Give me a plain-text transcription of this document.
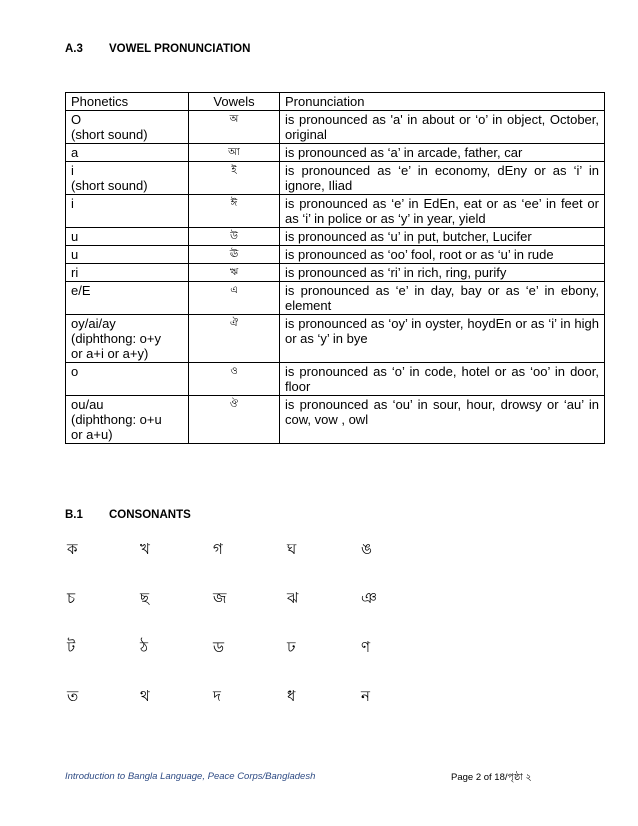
A.3 VOWEL PRONUNCIATION
Phonetics	Vowels	Pronunciation

O
(short sound)	অ	is pronounced as 'a' in about or ‘o’ in object, October, original

a	আ	is pronounced as ‘a’ in arcade, father, car

i
(short sound)	ই	is pronounced as ‘e’ in economy, dEny or as ‘i’ in ignore, Iliad

i	ঈ	is pronounced as ‘e’ in EdEn, eat or as ‘ee’ in feet or as ‘i’ in police or as ‘y’ in year, yield

u	উ	is pronounced as ‘u’ in put, butcher, Lucifer

u	ঊ	is pronounced as ‘oo’ fool, root or as ‘u’ in rude

ri	ঋ	is pronounced as ‘ri’ in rich, ring, purify

e/E	এ	is pronounced as ‘e’ in day, bay or as ‘e’ in ebony, element

oy/ai/ay
(diphthong: o+y
or a+i or a+y)	ঐ	is pronounced as ‘oy’ in oyster, hoydEn or as ‘i’ in high or as ‘y’ in bye

o	ও	is pronounced as ‘o’ in code, hotel or as ‘oo’ in door, floor

ou/au
(diphthong: o+u
or a+u)	ঔ	is pronounced as ‘ou’ in sour, hour, drowsy or ‘au’ in cow, vow , owl
B.1 CONSONANTS
ক	খ	গ	ঘ	ঙ
চ	ছ	জ	ঝ	ঞ
ট	ঠ	ড	ঢ	ণ
ত	থ	দ	ধ	ন
Introduction to Bangla Language, Peace Corps/Bangladesh	Page 2 of 18/পৃষ্ঠা ২
